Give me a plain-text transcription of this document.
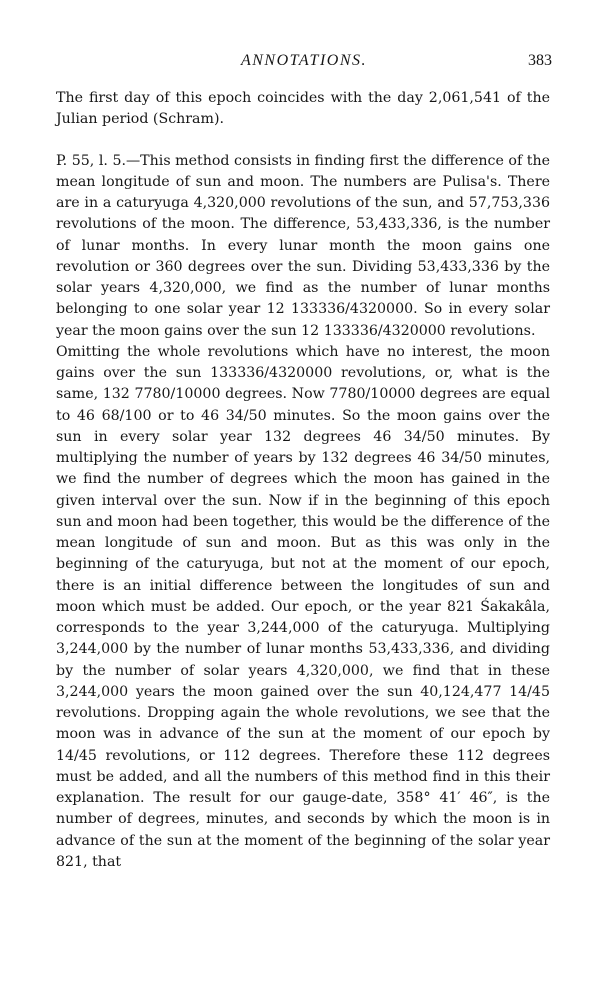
ANNOTATIONS.	383

The first day of this epoch coincides with the day 2,061,541 of the Julian period (Schram).

P. 55, l. 5.—This method consists in finding first the difference of the mean longitude of sun and moon. The numbers are Pulisa's. There are in a caturyuga 4,320,000 revolutions of the sun, and 57,753,336 revolutions of the moon. The difference, 53,433,336, is the number of lunar months. In every lunar month the moon gains one revolution or 360 degrees over the sun. Dividing 53,433,336 by the solar years 4,320,000, we find as the number of lunar months belonging to one solar year 12 133336/4320000. So in every solar year the moon gains over the sun 12 133336/4320000 revolutions.

Omitting the whole revolutions which have no interest, the moon gains over the sun 133336/4320000 revolutions, or, what is the same, 132 7780/10000 degrees. Now 7780/10000 degrees are equal to 46 68/100 or to 46 34/50 minutes. So the moon gains over the sun in every solar year 132 degrees 46 34/50 minutes. By multiplying the number of years by 132 degrees 46 34/50 minutes, we find the number of degrees which the moon has gained in the given interval over the sun. Now if in the beginning of this epoch sun and moon had been together, this would be the difference of the mean longitude of sun and moon. But as this was only in the beginning of the caturyuga, but not at the moment of our epoch, there is an initial difference between the longitudes of sun and moon which must be added. Our epoch, or the year 821 Śakakâla, corresponds to the year 3,244,000 of the caturyuga. Multiplying 3,244,000 by the number of lunar months 53,433,336, and dividing by the number of solar years 4,320,000, we find that in these 3,244,000 years the moon gained over the sun 40,124,477 14/45 revolutions. Dropping again the whole revolutions, we see that the moon was in advance of the sun at the moment of our epoch by 14/45 revolutions, or 112 degrees. Therefore these 112 degrees must be added, and all the numbers of this method find in this their explanation. The result for our gauge-date, 358° 41′ 46″, is the number of degrees, minutes, and seconds by which the moon is in advance of the sun at the moment of the beginning of the solar year 821, that
